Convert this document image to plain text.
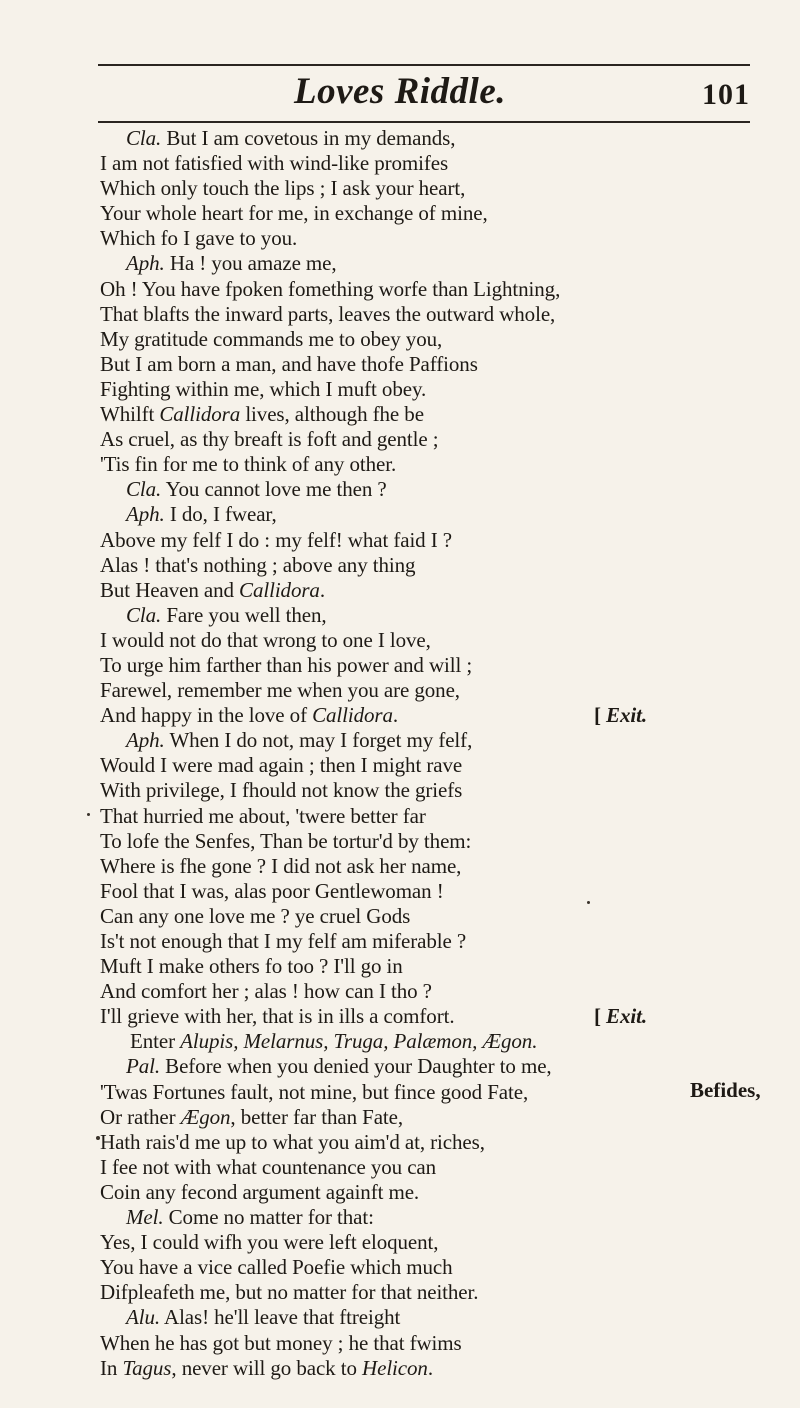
Loves Riddle.	101
Cla. But I am covetous in my demands,
I am not fatisfied with wind-like promifes
Which only touch the lips ; I ask your heart,
Your whole heart for me, in exchange of mine,
Which fo I gave to you.
Aph. Ha ! you amaze me,
Oh ! You have fpoken fomething worfe than Lightning,
That blafts the inward parts, leaves the outward whole,
My gratitude commands me to obey you,
But I am born a man, and have thofe Paffions
Fighting within me, which I muft obey.
Whilft Callidora lives, although fhe be
As cruel, as thy breaft is foft and gentle ;
'Tis fin for me to think of any other.
Cla. You cannot love me then ?
Aph. I do, I fwear,
Above my felf I do : my felf! what faid I ?
Alas ! that's nothing ; above any thing
But Heaven and Callidora.
Cla. Fare you well then,
I would not do that wrong to one I love,
To urge him farther than his power and will ;
Farewel, remember me when you are gone,
And happy in the love of Callidora.	[ Exit.
Aph. When I do not, may I forget my felf,
Would I were mad again ; then I might rave
With privilege, I fhould not know the griefs
That hurried me about, 'twere better far
To lofe the Senfes, Than be tortur'd by them:
Where is fhe gone ? I did not ask her name,
Fool that I was, alas poor Gentlewoman !
Can any one love me ? ye cruel Gods
Is't not enough that I my felf am miferable ?
Muft I make others fo too ? I'll go in
And comfort her ; alas ! how can I tho ?
I'll grieve with her, that is in ills a comfort.	[ Exit.
Enter Alupis, Melarnus, Truga, Palæmon, Ægon.
Pal. Before when you denied your Daughter to me,
'Twas Fortunes fault, not mine, but fince good Fate,
Or rather Ægon, better far than Fate,
Hath rais'd me up to what you aim'd at, riches,
I fee not with what countenance you can
Coin any fecond argument againft me.
Mel. Come no matter for that:
Yes, I could wifh you were left eloquent,
You have a vice called Poefie which much
Difpleafeth me, but no matter for that neither.
Alu. Alas! he'll leave that ftreight
When he has got but money ; he that fwims
In Tagus, never will go back to Helicon.
Befides,
